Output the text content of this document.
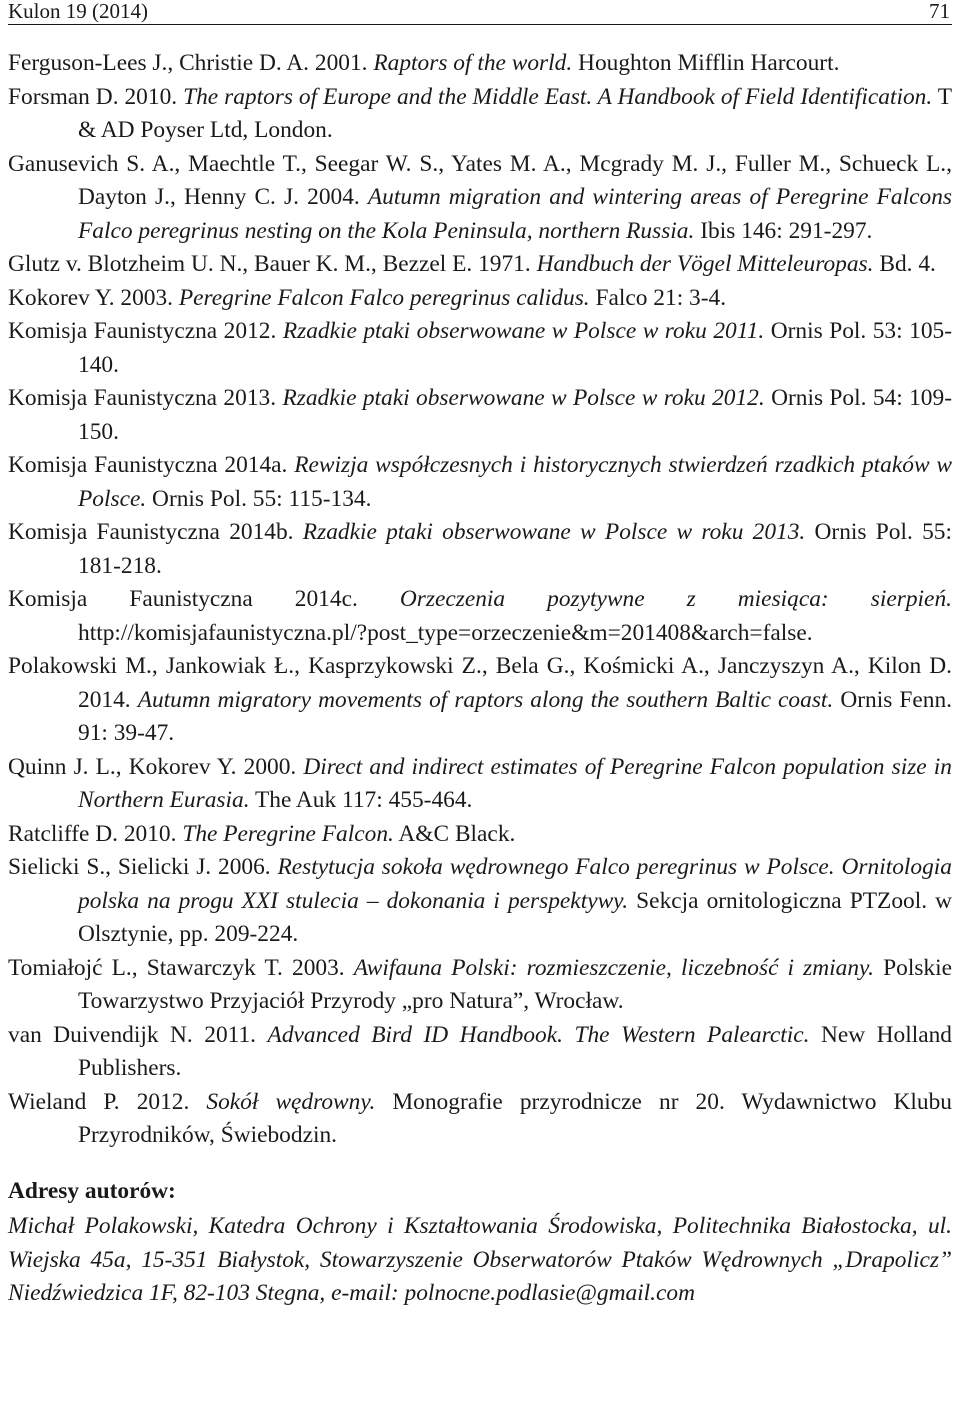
Kulon 19 (2014)	71

Ferguson-Lees J., Christie D. A. 2001. Raptors of the world. Houghton Mifflin Harcourt.

Forsman D. 2010. The raptors of Europe and the Middle East. A Handbook of Field Identification. T & AD Poyser Ltd, London.

Ganusevich S. A., Maechtle T., Seegar W. S., Yates M. A., Mcgrady M. J., Fuller M., Schueck L., Dayton J., Henny C. J. 2004. Autumn migration and wintering areas of Peregrine Falcons Falco peregrinus nesting on the Kola Peninsula, northern Russia. Ibis 146: 291-297.

Glutz v. Blotzheim U. N., Bauer K. M., Bezzel E. 1971. Handbuch der Vögel Mitteleuropas. Bd. 4.

Kokorev Y. 2003. Peregrine Falcon Falco peregrinus calidus. Falco 21: 3-4.

Komisja Faunistyczna 2012. Rzadkie ptaki obserwowane w Polsce w roku 2011. Ornis Pol. 53: 105-140.

Komisja Faunistyczna 2013. Rzadkie ptaki obserwowane w Polsce w roku 2012. Ornis Pol. 54: 109-150.

Komisja Faunistyczna 2014a. Rewizja współczesnych i historycznych stwierdzeń rzadkich ptaków w Polsce. Ornis Pol. 55: 115-134.

Komisja Faunistyczna 2014b. Rzadkie ptaki obserwowane w Polsce w roku 2013. Ornis Pol. 55: 181-218.

Komisja Faunistyczna 2014c. Orzeczenia pozytywne z miesiąca: sierpień. http://komisjafaunistyczna.pl/?post_type=orzeczenie&m=201408&arch=false.

Polakowski M., Jankowiak Ł., Kasprzykowski Z., Bela G., Kośmicki A., Janczyszyn A., Kilon D. 2014. Autumn migratory movements of raptors along the southern Baltic coast. Ornis Fenn. 91: 39-47.

Quinn J. L., Kokorev Y. 2000. Direct and indirect estimates of Peregrine Falcon population size in Northern Eurasia. The Auk 117: 455-464.

Ratcliffe D. 2010. The Peregrine Falcon. A&C Black.

Sielicki S., Sielicki J. 2006. Restytucja sokoła wędrownego Falco peregrinus w Polsce. Ornitologia polska na progu XXI stulecia – dokonania i perspektywy. Sekcja ornitologiczna PTZool. w Olsztynie, pp. 209-224.

Tomiałojć L., Stawarczyk T. 2003. Awifauna Polski: rozmieszczenie, liczebność i zmiany. Polskie Towarzystwo Przyjaciół Przyrody „pro Natura”, Wrocław.

van Duivendijk N. 2011. Advanced Bird ID Handbook. The Western Palearctic. New Holland Publishers.

Wieland P. 2012. Sokół wędrowny. Monografie przyrodnicze nr 20. Wydawnictwo Klubu Przyrodników, Świebodzin.

Adresy autorów:

Michał Polakowski, Katedra Ochrony i Kształtowania Środowiska, Politechnika Białostocka, ul. Wiejska 45a, 15-351 Białystok, Stowarzyszenie Obserwatorów Ptaków Wędrownych „Drapolicz” Niedźwiedzica 1F, 82-103 Stegna, e-mail: polnocne.podlasie@gmail.com
